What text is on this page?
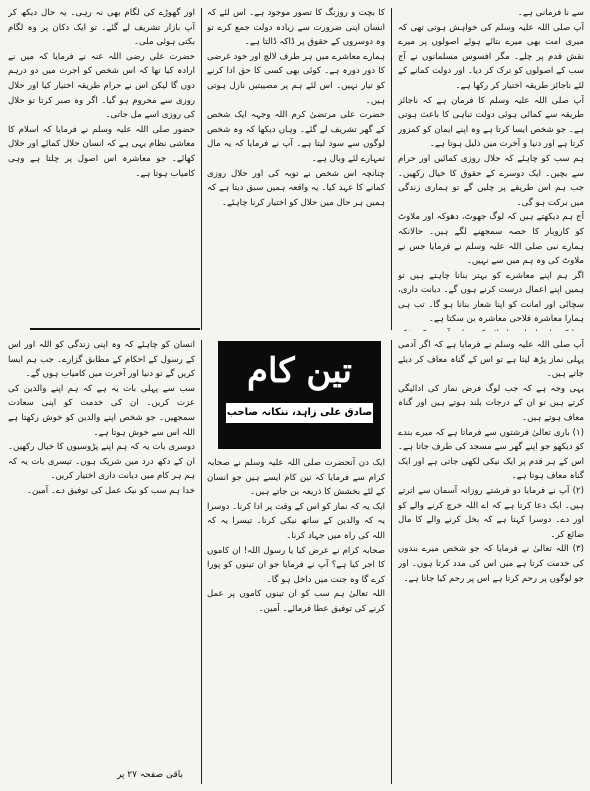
سے نا فرمانی ہے۔

آپ صلی اللہ علیہ وسلم کی خواہش ہوتی تھی کہ میری امت بھی میرے بتائے ہوئے اصولوں پر میرے نقش قدم پر چلے۔ مگر افسوس مسلمانوں نے آج سب کے اصولوں کو ترک کر دیا۔ اور دولت کمانے کے لئے ناجائز طریقہ اختیار کر رکھا ہے۔

آپ صلی اللہ علیہ وسلم کا فرمان ہے کہ ناجائز طریقہ سے کمائی ہوئی دولت تباہی کا باعث ہوتی ہے۔ جو شخص ایسا کرتا ہے وہ اپنے ایمان کو کمزور کرتا ہے اور دنیا و آخرت میں ذلیل ہوتا ہے۔

ہم سب کو چاہئے کہ حلال روزی کمائیں اور حرام سے بچیں۔ ایک دوسرے کے حقوق کا خیال رکھیں۔ جب ہم اس طریقے پر چلیں گے تو ہماری زندگی میں برکت ہو گی۔

آج ہم دیکھتے ہیں کہ لوگ جھوٹ، دھوکہ اور ملاوٹ کو کاروبار کا حصہ سمجھنے لگے ہیں۔ حالانکہ ہمارے نبی صلی اللہ علیہ وسلم نے فرمایا جس نے ملاوٹ کی وہ ہم میں سے نہیں۔

اگر ہم اپنے معاشرے کو بہتر بنانا چاہتے ہیں تو ہمیں اپنے اعمال درست کرنے ہوں گے۔ دیانت داری، سچائی اور امانت کو اپنا شعار بنانا ہو گا۔ تب ہی ہمارا معاشرہ فلاحی معاشرہ بن سکتا ہے۔

کا بچت و روزنگ کا تصور موجود ہے۔ اس لئے کہ انسان اپنی ضرورت سے زیادہ دولت جمع کرے تو وہ دوسروں کے حقوق پر ڈاکہ ڈالتا ہے۔

ہمارے معاشرے میں ہر طرف لالچ اور خود غرضی کا دور دورہ ہے۔ کوئی بھی کسی کا حق ادا کرنے کو تیار نہیں۔ اس لئے ہم پر مصیبتیں نازل ہوتی ہیں۔

حضرت علی مرتضیٰ کرم اللہ وجہہ ایک شخص کے گھر تشریف لے گئے۔ وہاں دیکھا کہ وہ شخص لوگوں سے سود لیتا ہے۔ آپ نے فرمایا کہ یہ مال تمہارے لئے وبال ہے۔

چنانچہ اس شخص نے توبہ کی اور حلال روزی کمانے کا عہد کیا۔ یہ واقعہ ہمیں سبق دیتا ہے کہ ہمیں ہر حال میں حلال کو اختیار کرنا چاہئے۔

اور گھوڑے کی لگام بھی نہ رہی۔ یہ حال دیکھ کر آپ بازار تشریف لے گئے۔ تو ایک دکان پر وہ لگام بکتی ہوئی ملی۔

حضرت علی رضی اللہ عنہ نے فرمایا کہ میں نے ارادہ کیا تھا کہ اس شخص کو اجرت میں دو درہم دوں گا لیکن اس نے حرام طریقہ اختیار کیا اور حلال روزی سے محروم ہو گیا۔ اگر وہ صبر کرتا تو حلال کی روزی اسے مل جاتی۔

حضور صلی اللہ علیہ وسلم نے فرمایا کہ اسلام کا معاشی نظام یہی ہے کہ انسان حلال کمائے اور حلال کھائے۔ جو معاشرہ اس اصول پر چلتا ہے وہی کامیاب ہوتا ہے۔

تین کام
صادق علی زاہد، ننکانہ صاحب

آپ صلی اللہ علیہ وسلم نے فرمایا ہے کہ اگر آدمی پہلی نماز پڑھ لیتا ہے تو اس کے گناہ معاف کر دیئے جاتے ہیں۔

یہی وجہ ہے کہ جب لوگ فرض نماز کی ادائیگی کرتے ہیں تو ان کے درجات بلند ہوتے ہیں اور گناہ معاف ہوتے ہیں۔

(۱) باری تعالیٰ فرشتوں سے فرماتا ہے کہ میرے بندے کو دیکھو جو اپنے گھر سے مسجد کی طرف جاتا ہے۔ اس کے ہر قدم پر ایک نیکی لکھی جاتی ہے اور ایک گناہ معاف ہوتا ہے۔

(۲) آپ نے فرمایا دو فرشتے روزانہ آسمان سے اترتے ہیں۔ ایک دعا کرتا ہے کہ اے اللہ خرچ کرنے والے کو اور دے۔ دوسرا کہتا ہے کہ بخل کرنے والے کا مال ضائع کر۔

(۳) اللہ تعالیٰ نے فرمایا کہ جو شخص میرے بندوں کی خدمت کرتا ہے میں اس کی مدد کرتا ہوں۔ اور جو لوگوں پر رحم کرتا ہے اس پر رحم کیا جاتا ہے۔

ایک دن آنحضرت صلی اللہ علیہ وسلم نے صحابہ کرام سے فرمایا کہ تین کام ایسے ہیں جو انسان کے لئے بخشش کا ذریعہ بن جاتے ہیں۔

ایک یہ کہ نماز کو اس کے وقت پر ادا کرنا۔ دوسرا یہ کہ والدین کے ساتھ نیکی کرنا۔ تیسرا یہ کہ اللہ کی راہ میں جہاد کرنا۔

صحابہ کرام نے عرض کیا یا رسول اللہ! ان کاموں کا اجر کیا ہے؟ آپ نے فرمایا جو ان تینوں کو پورا کرے گا وہ جنت میں داخل ہو گا۔

اللہ تعالیٰ ہم سب کو ان تینوں کاموں پر عمل کرنے کی توفیق عطا فرمائے۔ آمین۔

انسان کو چاہئے کہ وہ اپنی زندگی کو اللہ اور اس کے رسول کے احکام کے مطابق گزارے۔ جب ہم ایسا کریں گے تو دنیا اور آخرت میں کامیاب ہوں گے۔

سب سے پہلی بات یہ ہے کہ ہم اپنے والدین کی عزت کریں۔ ان کی خدمت کو اپنی سعادت سمجھیں۔ جو شخص اپنے والدین کو خوش رکھتا ہے اللہ اس سے خوش ہوتا ہے۔

دوسری بات یہ کہ ہم اپنے پڑوسیوں کا خیال رکھیں۔ ان کے دکھ درد میں شریک ہوں۔ تیسری بات یہ کہ ہم ہر کام میں دیانت داری اختیار کریں۔

خدا ہم سب کو نیک عمل کی توفیق دے۔ آمین۔

باقی صفحہ ۲۷ پر
